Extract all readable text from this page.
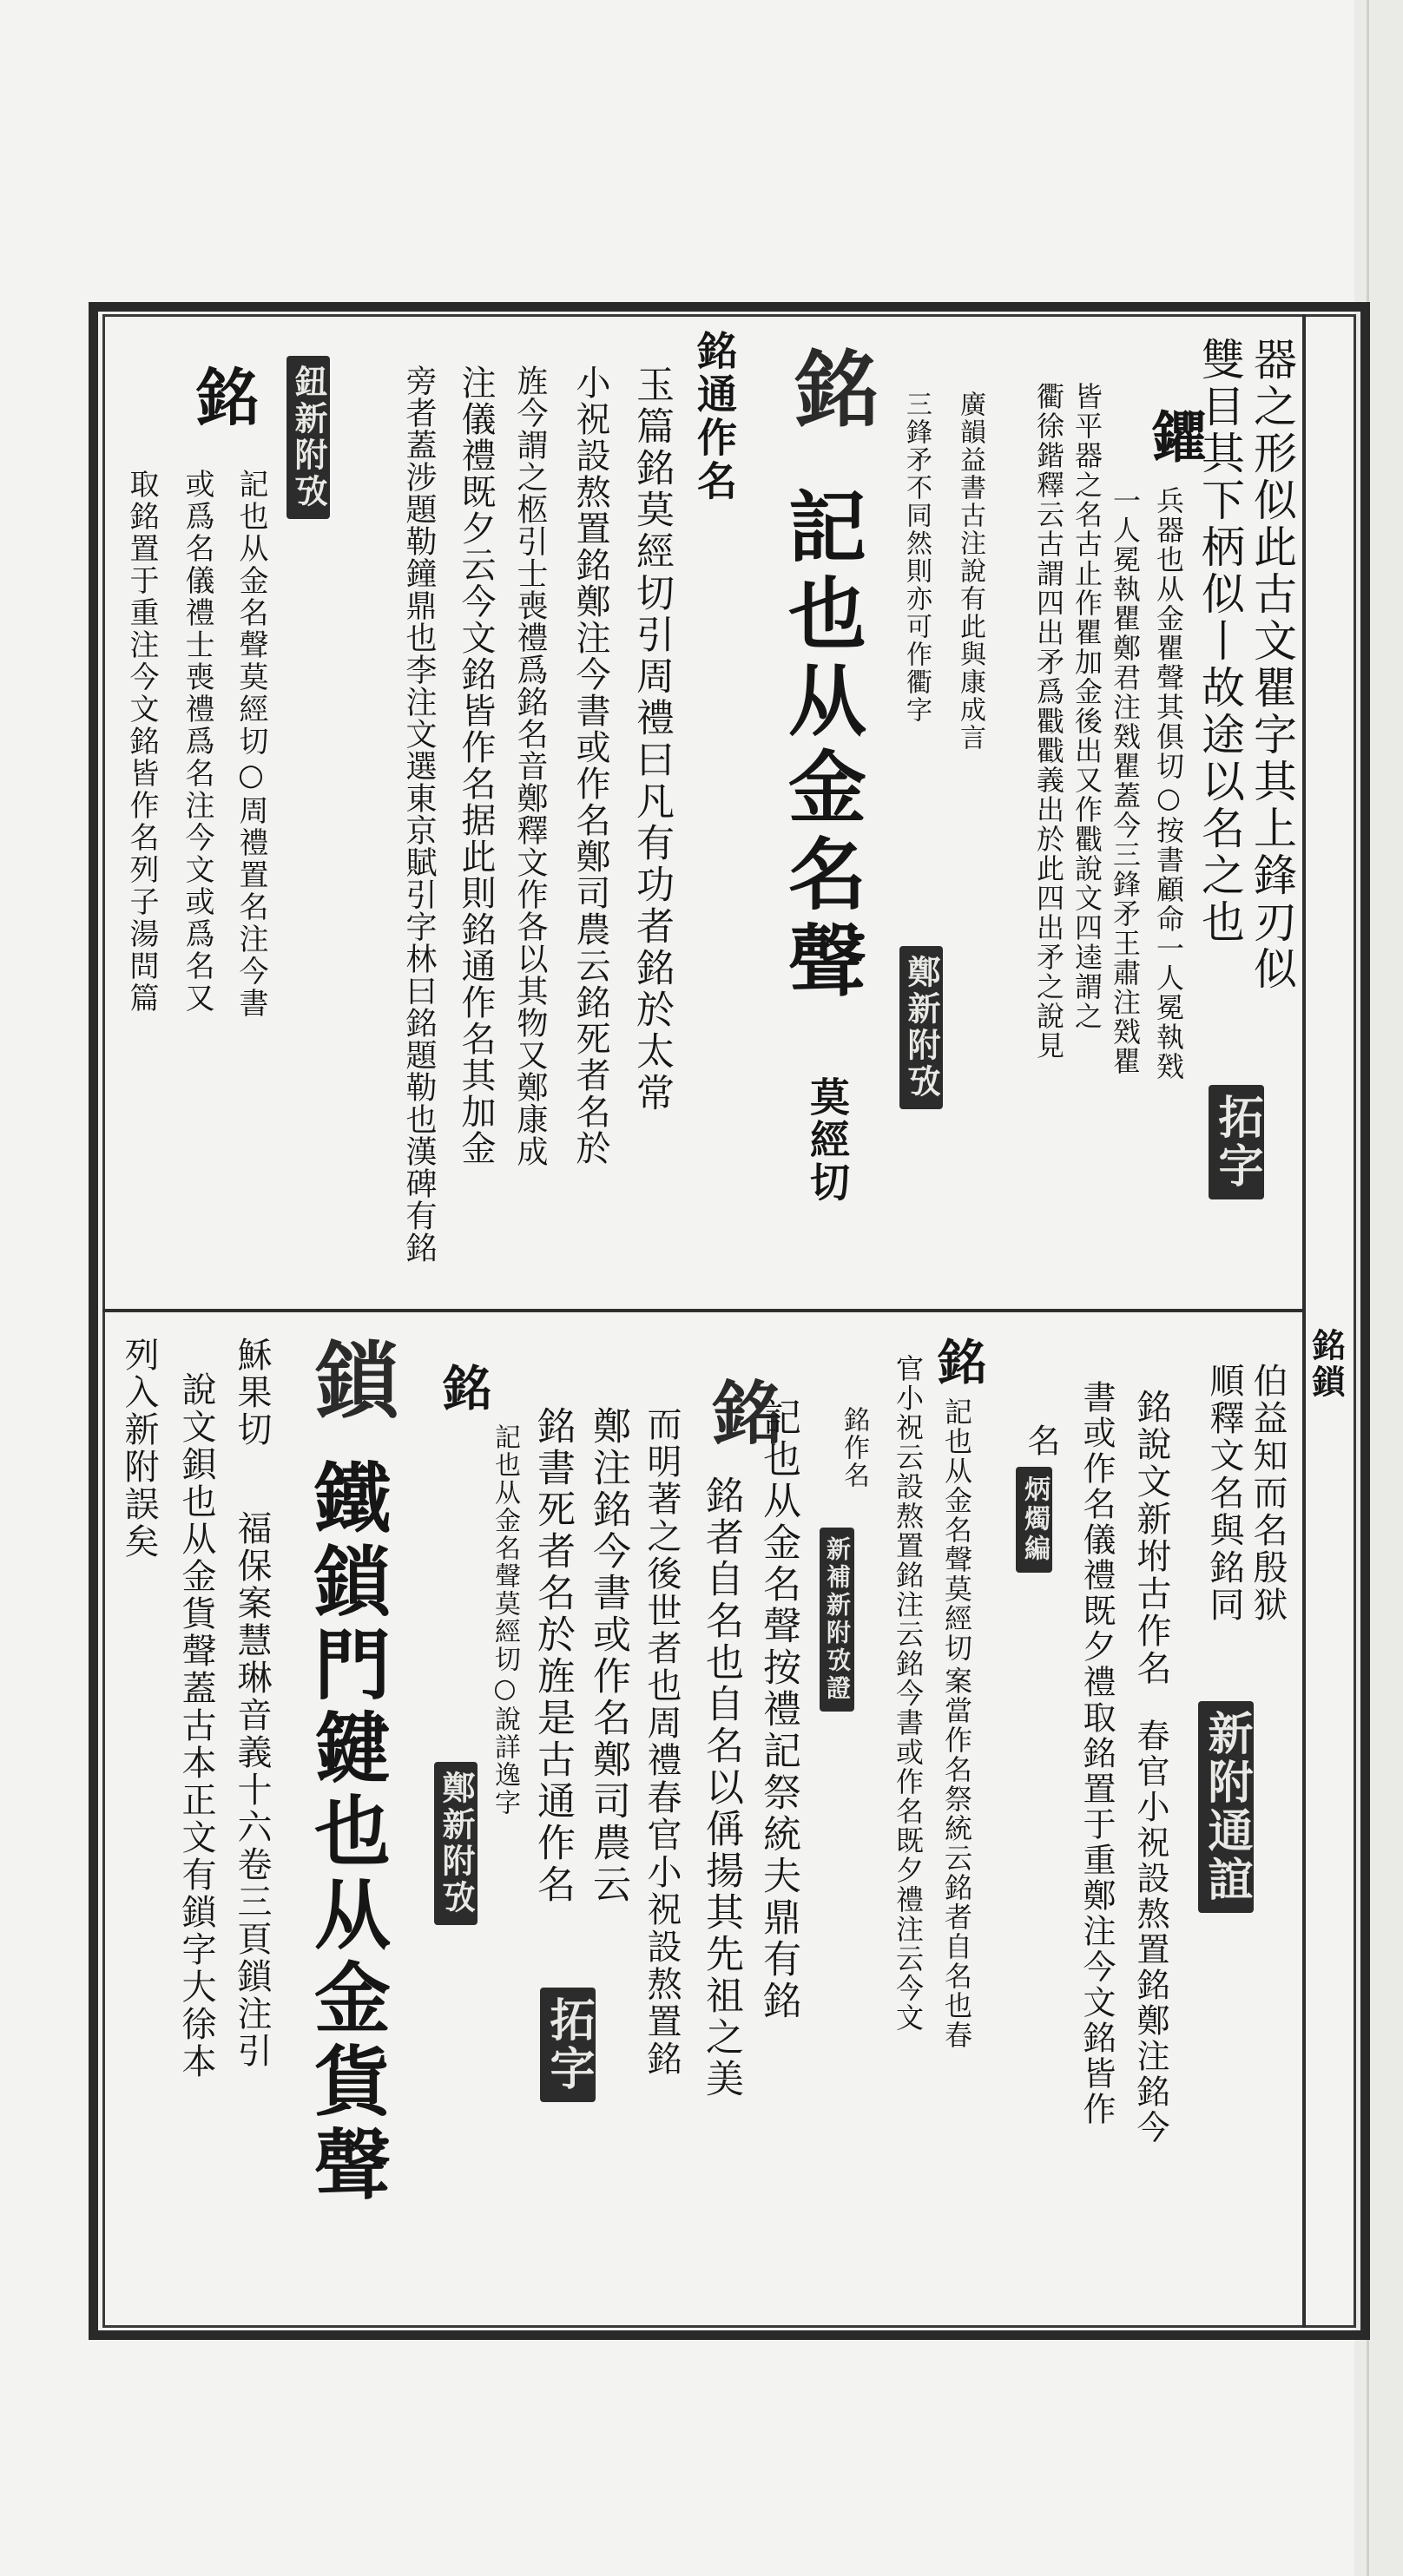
銘鎖
器之形似此古文瞿字其上鋒刃似
雙目其下柄似丨故途以名之也
鑺
兵器也从金瞿聲其俱切○按書顧命一人冕執戣
一人冕執瞿鄭君注戣瞿蓋今三鋒矛王肅注戣瞿
皆平器之名古止作瞿加金後出又作戵說文四逵謂之
衢徐鍇釋云古謂四出矛爲戵戵義出於此四出矛之說見
廣韻益書古注說有此與康成言
三鋒矛不同然則亦可作衢字
拓字
鄭新附攷
銘
記也从金名聲
莫經切
銘通作名
玉篇銘莫經切引周禮曰凡有功者銘於太常
小祝設熬置銘鄭注今書或作名鄭司農云銘死者名於
旌今謂之柩引士喪禮爲銘名音鄭釋文作各以其物又鄭康成
注儀禮既夕云今文銘皆作名据此則銘通作名其加金
旁者蓋涉題勒鐘鼎也李注文選東京賦引字林曰銘題勒也漢碑有銘
鈕新附攷
銘
記也从金名聲莫經切○周禮置名注今書
或爲名儀禮士喪禮爲名注今文或爲名又
取銘置于重注今文銘皆作名列子湯問篇
伯益知而名殷狱
順釋文名與銘同
新附通誼
銘說文新坿古作名
春官小祝設熬置銘鄭注銘今
書或作名儀禮既夕禮取銘置于重鄭注今文銘皆作
名
炳燭編
銘
記也从金名聲莫經切
案當作名祭統云銘者自名也春
官小祝云設熬置銘注云銘今書或作名既夕禮注云今文
銘作名
新補新附攷證
銘
記也从金名聲按禮記祭統夫鼎有銘
銘者自名也自名以偁揚其先祖之美
而明著之後世者也周禮春官小祝設熬置銘
鄭注銘今書或作名鄭司農云
銘書死者名於旌是古通作名
拓字
銘
記也从金名聲莫經切○說詳逸字
鄭新附攷
鎖
鐵鎖門鍵也从金貨聲
穌果切
福保案慧琳音義十六卷三頁鎖注引
說文鋇也从金貨聲蓋古本正文有鎖字大徐本
列入新附誤矣
